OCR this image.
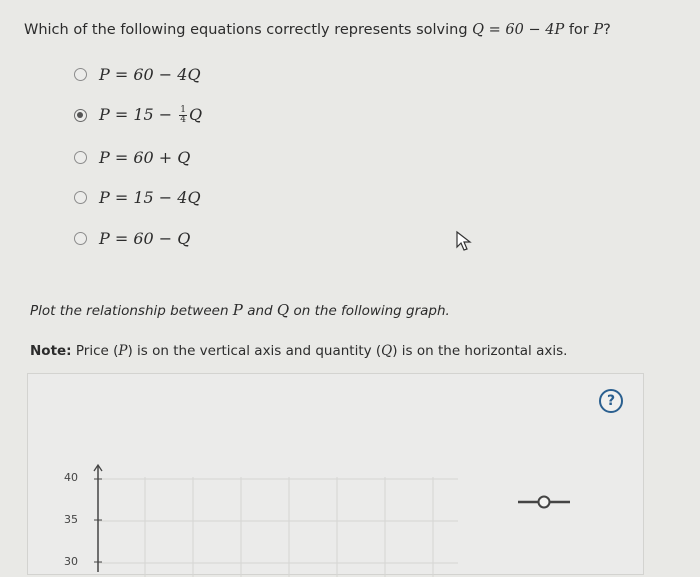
Which of the following equations correctly represents solving Q = 60 − 4P for P?
P = 60 − 4Q
$P = 15 - \frac{1}{4}$ Q
P = 60 + Q
P = 15 − 4Q
P = 60 − Q
Plot the relationship between P and Q on the following graph.
Note: Price (P) is on the vertical axis and quantity (Q) is on the horizontal axis.
?
40
35
30
